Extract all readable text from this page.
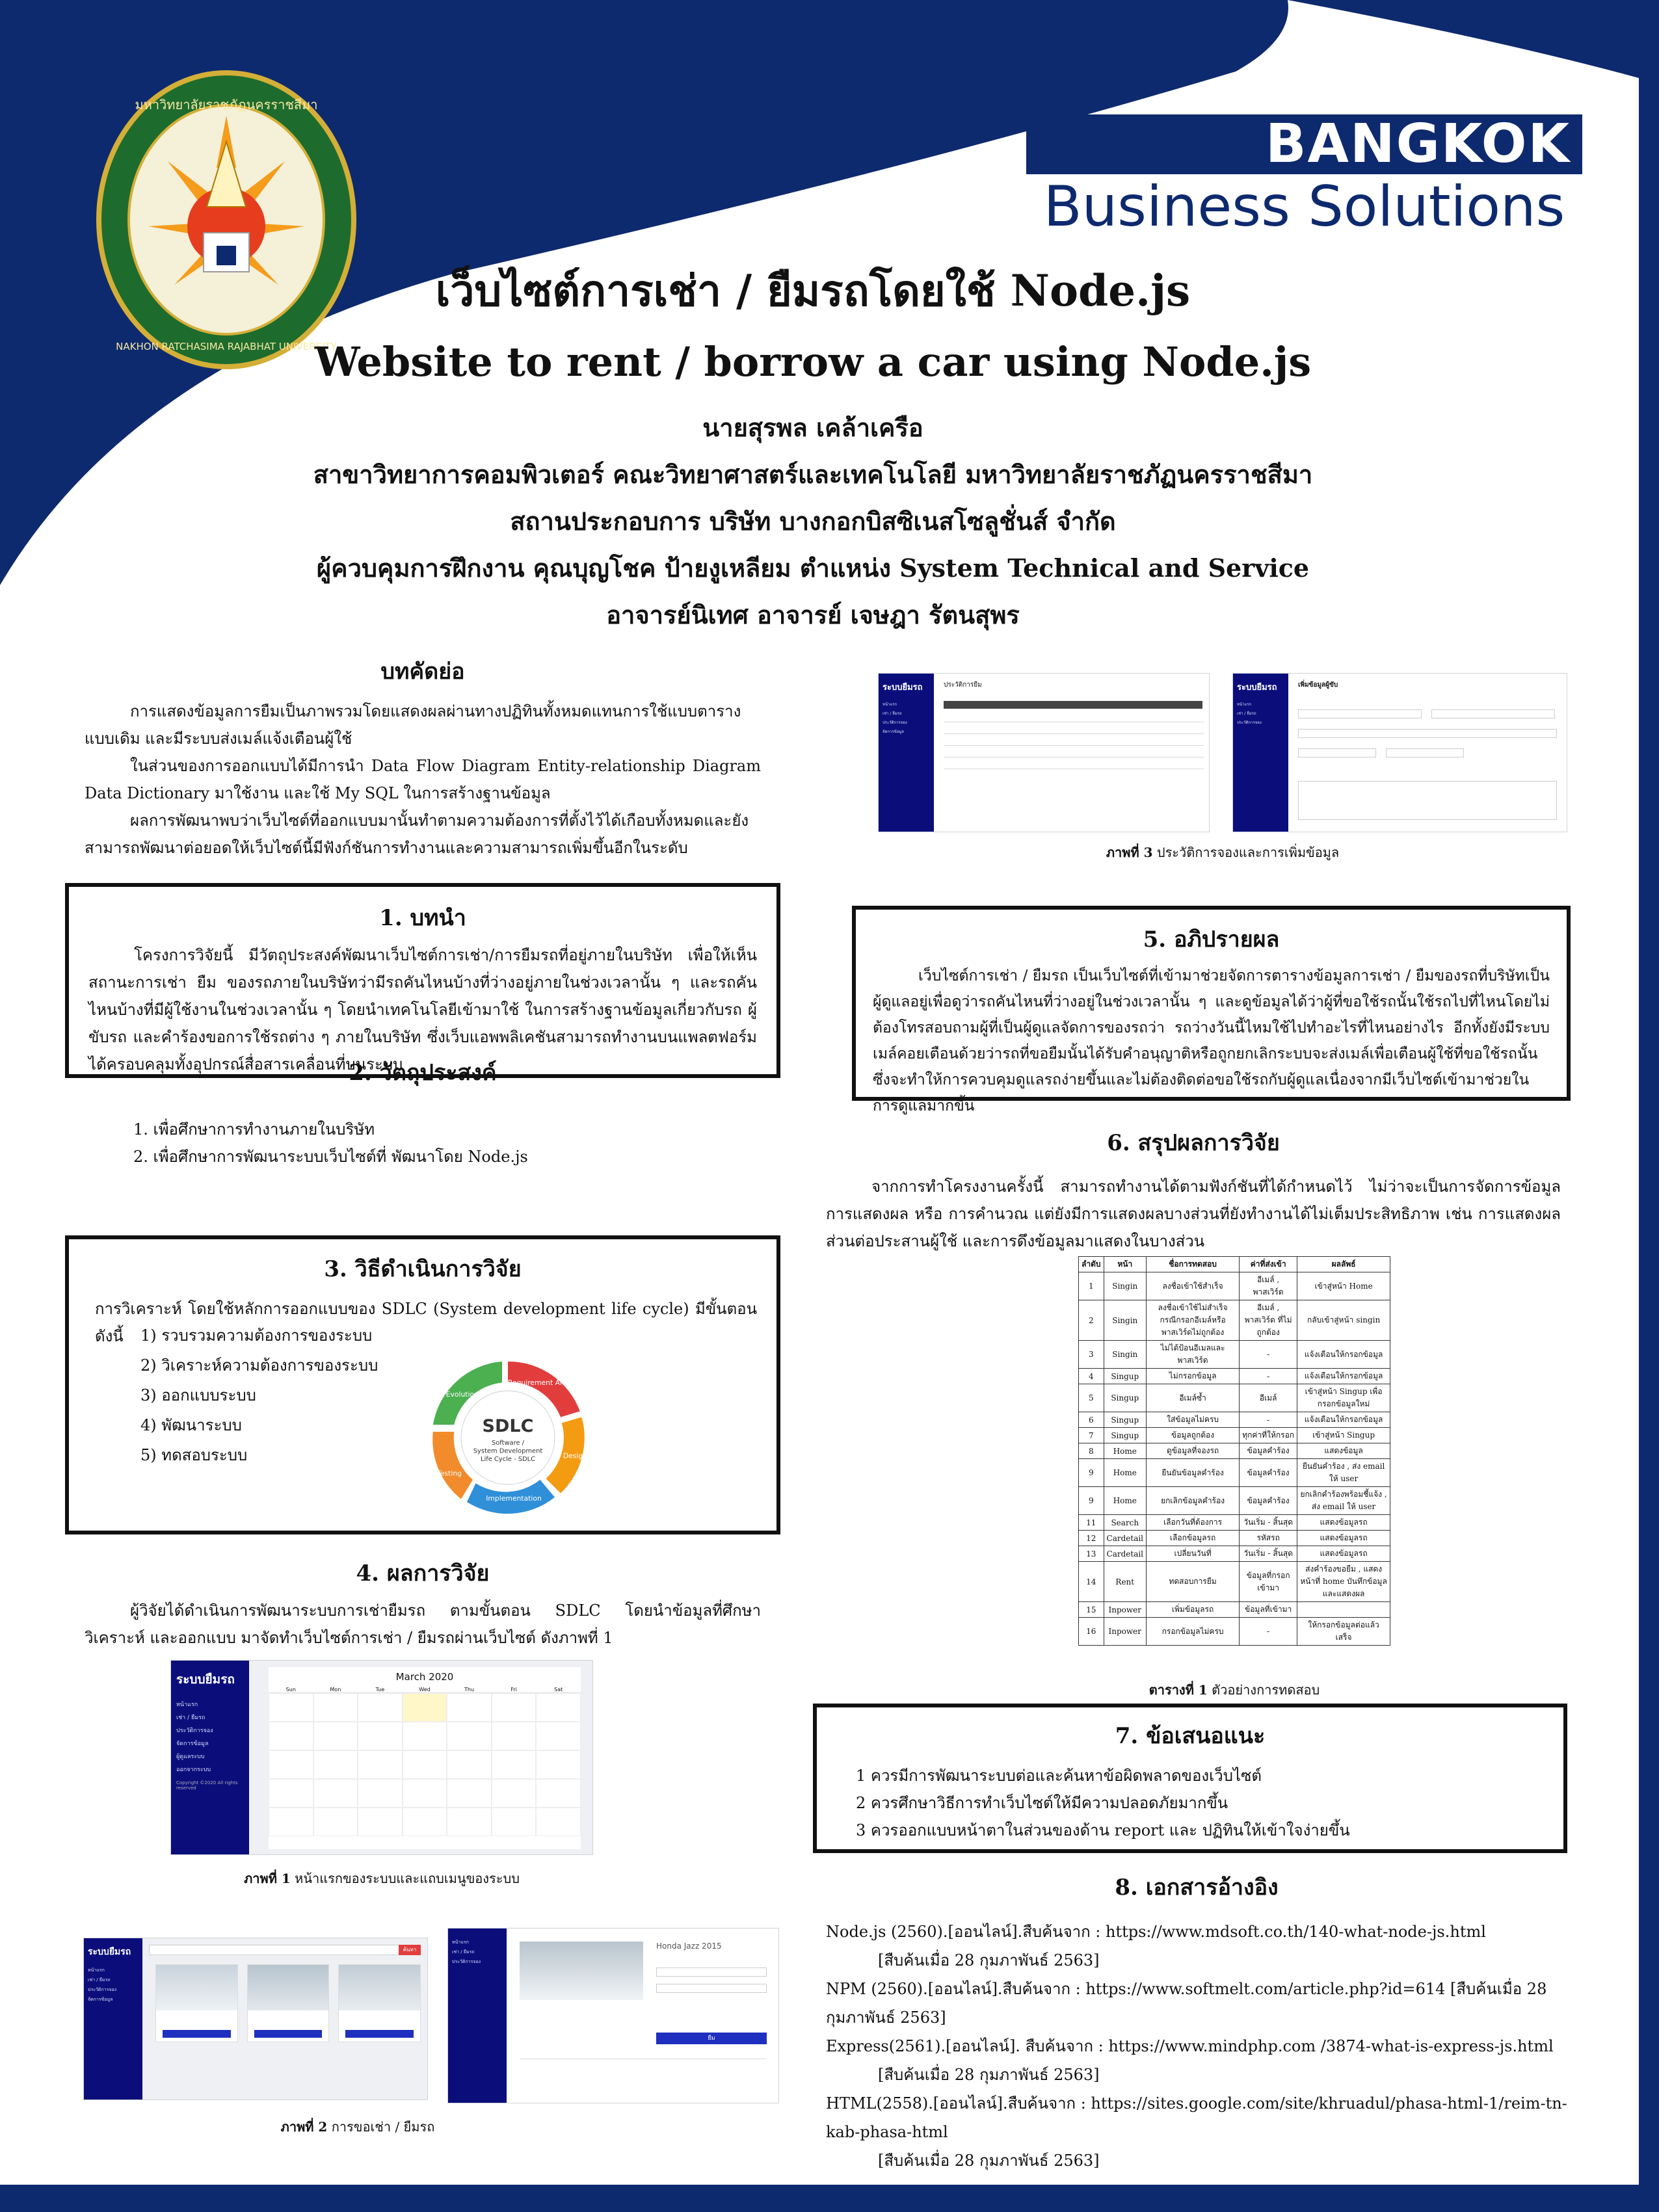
มหาวิทยาลัยราชภัฏนครราชสีมา
NAKHON RATCHASIMA RAJABHAT UNIVERSITY
BANGKOK
Business Solutions
เว็บไซต์การเช่า / ยืมรถโดยใช้ Node.js
Website to rent / borrow a car using Node.js
นายสุรพล เคล้าเครือ
สาขาวิทยาการคอมพิวเตอร์ คณะวิทยาศาสตร์และเทคโนโลยี มหาวิทยาลัยราชภัฏนครราชสีมา
สถานประกอบการ บริษัท บางกอกบิสซิเนสโซลูชั่นส์ จำกัด
ผู้ควบคุมการฝึกงาน คุณบุญโชค ป้ายงูเหลียม ตำแหน่ง System Technical and Service
อาจารย์นิเทศ อาจารย์ เจษฎา รัตนสุพร
บทคัดย่อ

การแสดงข้อมูลการยืมเป็นภาพรวมโดยแสดงผลผ่านทางปฏิทินทั้งหมดแทนการใช้แบบตารางแบบเดิม และมีระบบส่งเมล์แจ้งเตือนผู้ใช้

ในส่วนของการออกแบบได้มีการนำ Data Flow Diagram Entity-relationship Diagram Data Dictionary มาใช้งาน และใช้ My SQL ในการสร้างฐานข้อมูล

ผลการพัฒนาพบว่าเว็บไซต์ที่ออกแบบมานั้นทำตามความต้องการที่ตั้งไว้ได้เกือบทั้งหมดและยังสามารถพัฒนาต่อยอดให้เว็บไซต์นี้มีฟังก์ชันการทำงานและความสามารถเพิ่มขึ้นอีกในระดับ

1. บทนำ

โครงการวิจัยนี้ มีวัตถุประสงค์พัฒนาเว็บไซต์การเช่า/การยืมรถที่อยู่ภายในบริษัท เพื่อให้เห็นสถานะการเช่า ยืม ของรถภายในบริษัทว่ามีรถคันไหนบ้างที่ว่างอยู่ภายในช่วงเวลานั้น ๆ และรถคันไหนบ้างที่มีผู้ใช้งานในช่วงเวลานั้น ๆ โดยนำเทคโนโลยีเข้ามาใช้ ในการสร้างฐานข้อมูลเกี่ยวกับรถ ผู้ขับรถ และคำร้องขอการใช้รถต่าง ๆ ภายในบริษัท ซึ่งเว็บแอพพลิเคชันสามารถทำงานบนแพลตฟอร์มได้ครอบคลุมทั้งอุปกรณ์สื่อสารเคลื่อนที่บนระบบ

2. วัตถุประสงค์

1. เพื่อศึกษาการทำงานภายในบริษัท

2. เพื่อศึกษาการพัฒนาระบบเว็บไซต์ที่ พัฒนาโดย Node.js

3. วิธีดำเนินการวิจัย

การวิเคราะห์ โดยใช้หลักการออกแบบของ SDLC (System development life cycle) มีขั้นตอนดังนี้	1) รวบรวมความต้องการของระบบ

2) วิเคราะห์ความต้องการของระบบ

3) ออกแบบระบบ

4) พัฒนาระบบ

5) ทดสอบระบบ

SDLC
Software /
System Development
Life Cycle - SDLC
Requirement Analysis
Design
Implementation
Testing
Evolution
4. ผลการวิจัย

ผู้วิจัยได้ดำเนินการพัฒนาระบบการเช่ายืมรถ ตามขั้นตอน SDLC โดยนำข้อมูลที่ศึกษา วิเคราะห์ และออกแบบ มาจัดทำเว็บไซต์การเช่า / ยืมรถผ่านเว็บไซต์ ดังภาพที่ 1

ระบบยืมรถ
หน้าแรก
เช่า / ยืมรถ
ประวัติการจอง
จัดการข้อมูล
ผู้ดูแลระบบ
ออกจากระบบ
Copyright ©2020 All rights reserved
March 2020
Sun	Mon	Tue	Wed	Thu	Fri	Sat
ภาพที่ 1 หน้าแรกของระบบและแถบเมนูของระบบ
ระบบยืมรถ
หน้าแรก
เช่า / ยืมรถ
ประวัติการจอง
จัดการข้อมูล
ค้นหา
หน้าแรก
เช่า / ยืมรถ
ประวัติการจอง
Honda Jazz 2015
ยืม
ภาพที่ 2 การขอเช่า / ยืมรถ
ระบบยืมรถ
หน้าแรก
เช่า / ยืมรถ
ประวัติการจอง
จัดการข้อมูล
ประวัติการยืม	ระบบยืมรถ
หน้าแรก
เช่า / ยืมรถ
ประวัติการจอง
เพิ่มข้อมูลผู้ขับ
ภาพที่ 3 ประวัติการจองและการเพิ่มข้อมูล
5. อภิปรายผล

เว็บไซต์การเช่า / ยืมรถ เป็นเว็บไซต์ที่เข้ามาช่วยจัดการตารางข้อมูลการเช่า / ยืมของรถที่บริษัทเป็นผู้ดูแลอยู่เพื่อดูว่ารถคันไหนที่ว่างอยู่ในช่วงเวลานั้น ๆ และดูข้อมูลได้ว่าผู้ที่ขอใช้รถนั้นใช้รถไปที่ไหนโดยไม่ต้องโทรสอบถามผู้ที่เป็นผู้ดูแลจัดการของรถว่า รถว่างวันนี้ไหมใช้ไปทำอะไรที่ไหนอย่างไร อีกทั้งยังมีระบบเมล์คอยเตือนด้วยว่ารถที่ขอยืมนั้นได้รับคำอนุญาติหรือถูกยกเลิกระบบจะส่งเมล์เพื่อเตือนผู้ใช้ที่ขอใช้รถนั้น ซึ่งจะทำให้การควบคุมดูแลรถง่ายขึ้นและไม่ต้องติดต่อขอใช้รถกับผู้ดูแลเนื่องจากมีเว็บไซต์เข้ามาช่วยในการดูแลมากขึ้น

6. สรุปผลการวิจัย

จากการทำโครงงานครั้งนี้ สามารถทำงานได้ตามฟังก์ชันที่ได้กำหนดไว้ ไม่ว่าจะเป็นการจัดการข้อมูลการแสดงผล หรือ การคำนวณ แต่ยังมีการแสดงผลบางส่วนที่ยังทำงานได้ไม่เต็มประสิทธิภาพ เช่น การแสดงผลส่วนต่อประสานผู้ใช้ และการดึงข้อมูลมาแสดงในบางส่วน

ลำดับ	หน้า	ชื่อการทดสอบ	ค่าที่ส่งเข้า	ผลลัพธ์
1	Singin	ลงชื่อเข้าใช้สำเร็จ	อีเมล์ , พาสเวิร์ด	เข้าสู่หน้า Home
2	Singin	ลงชื่อเข้าใช้ไม่สำเร็จ กรณีกรอกอีเมล์หรือพาสเวิร์ดไม่ถูกต้อง	อีเมล์ , พาสเวิร์ด ที่ไม่ถูกต้อง	กลับเข้าสู่หน้า singin
3	Singin	ไม่ได้ป้อนอีเมลและพาสเวิร์ด	-	แจ้งเตือนให้กรอกข้อมูล
4	Singup	ไม่กรอกข้อมูล	-	แจ้งเตือนให้กรอกข้อมูล
5	Singup	อีเมล์ซ้ำ	อีเมล์	เข้าสู่หน้า Singup เพื่อกรอกข้อมูลใหม่
6	Singup	ใส่ข้อมูลไม่ครบ	-	แจ้งเตือนให้กรอกข้อมูล
7	Singup	ข้อมูลถูกต้อง	ทุกค่าที่ให้กรอก	เข้าสู่หน้า Singup
8	Home	ดูข้อมูลที่จองรถ	ข้อมูลคำร้อง	แสดงข้อมูล
9	Home	ยืนยันข้อมูลคำร้อง	ข้อมูลคำร้อง	ยืนยันคำร้อง , ส่ง email ให้ user
9	Home	ยกเลิกข้อมูลคำร้อง	ข้อมูลคำร้อง	ยกเลิกคำร้องพร้อมชี้แจ้ง , ส่ง email ให้ user
11	Search	เลือกวันที่ต้องการ	วันเริ่ม - สิ้นสุด	แสดงข้อมูลรถ
12	Cardetail	เลือกข้อมูลรถ	รหัสรถ	แสดงข้อมูลรถ
13	Cardetail	เปลี่ยนวันที่	วันเริ่ม - สิ้นสุด	แสดงข้อมูลรถ
14	Rent	ทดสอบการยืม	ข้อมูลที่กรอกเข้ามา	ส่งคำร้องขอยืม , แสดงหน้าที่ home บันทึกข้อมูลและแสดงผล
15	Inpower	เพิ่มข้อมูลรถ	ข้อมูลที่เข้ามา	
16	Inpower	กรอกข้อมูลไม่ครบ	-	ให้กรอกข้อมูลต่อแล้วเสร็จ
ตารางที่ 1 ตัวอย่างการทดสอบ
7. ข้อเสนอแนะ

1 ควรมีการพัฒนาระบบต่อและค้นหาข้อผิดพลาดของเว็บไซต์

2 ควรศึกษาวิธีการทำเว็บไซต์ให้มีความปลอดภัยมากขึ้น

3 ควรออกแบบหน้าตาในส่วนของด้าน report และ ปฏิทินให้เข้าใจง่ายขึ้น

8. เอกสารอ้างอิง

Node.js (2560).[ออนไลน์].สืบค้นจาก : https://www.mdsoft.co.th/140-what-node-js.html

[สืบค้นเมื่อ 28 กุมภาพันธ์ 2563]

NPM (2560).[ออนไลน์].สืบค้นจาก : https://www.softmelt.com/article.php?id=614 [สืบค้นเมื่อ 28 กุมภาพันธ์ 2563]

Express(2561).[ออนไลน์]. สืบค้นจาก : https://www.mindphp.com /3874-what-is-express-js.html

[สืบค้นเมื่อ 28 กุมภาพันธ์ 2563]

HTML(2558).[ออนไลน์].สืบค้นจาก : https://sites.google.com/site/khruadul/phasa-html-1/reim-tn-kab-phasa-html

[สืบค้นเมื่อ 28 กุมภาพันธ์ 2563]
